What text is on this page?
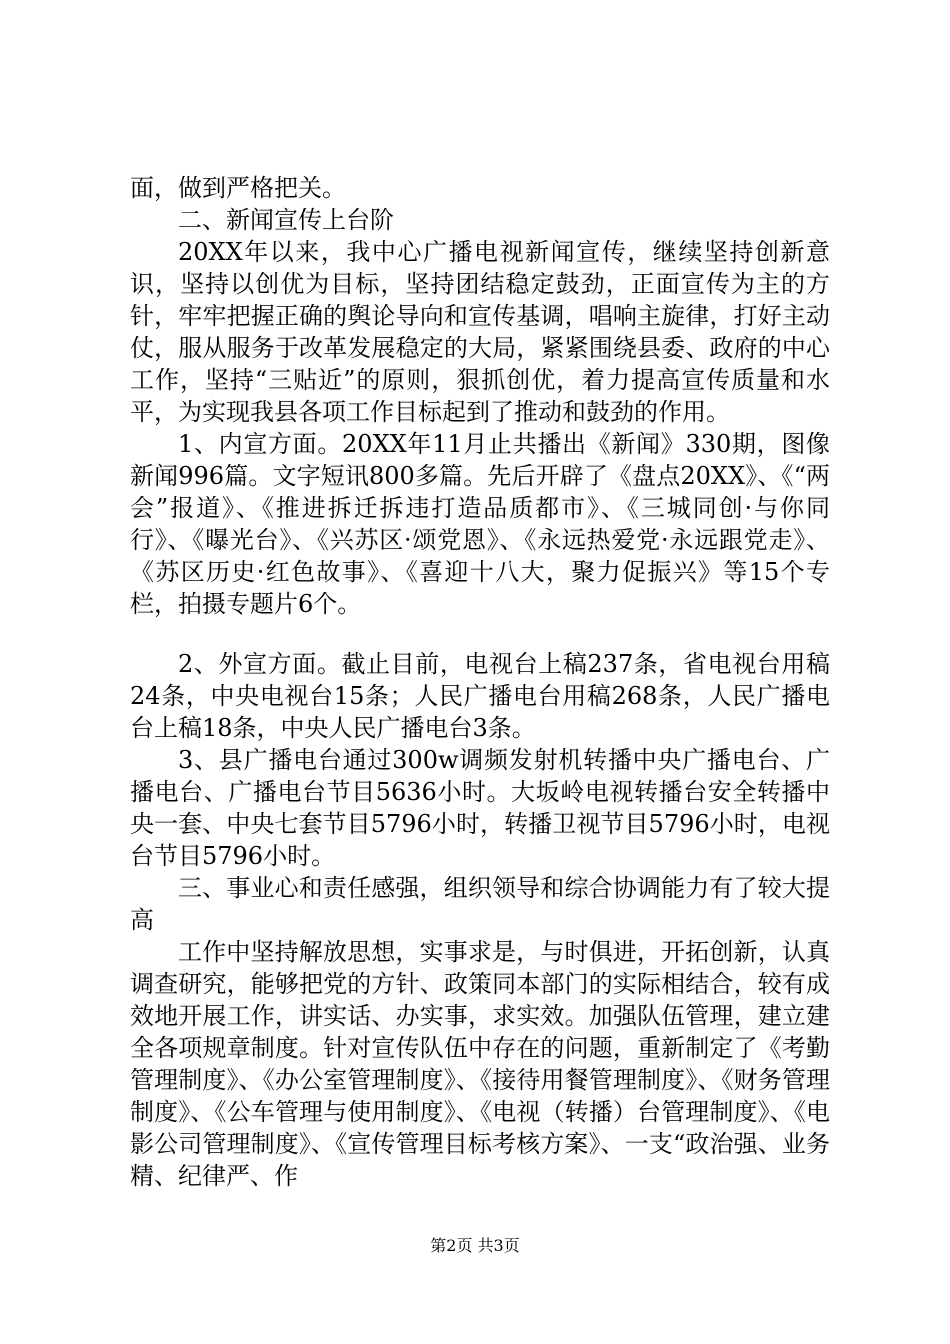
面，做到严格把关。

二、新闻宣传上台阶

20XX年以来，我中心广播电视新闻宣传，继续坚持创新意识，坚持以创优为目标，坚持团结稳定鼓劲，正面宣传为主的方针，牢牢把握正确的舆论导向和宣传基调，唱响主旋律，打好主动仗，服从服务于改革发展稳定的大局，紧紧围绕县委、政府的中心工作，坚持“三贴近”的原则，狠抓创优，着力提高宣传质量和水平，为实现我县各项工作目标起到了推动和鼓劲的作用。

1、内宣方面。20XX年11月止共播出《新闻》330期，图像新闻996篇。文字短讯800多篇。先后开辟了《盘点20XX》、《“两会”报道》、《推进拆迁拆违打造品质都市》、《三城同创·与你同行》、《曝光台》、《兴苏区·颂党恩》、《永远热爱党·永远跟党走》、《苏区历史·红色故事》、《喜迎十八大，聚力促振兴》等15个专栏，拍摄专题片6个。

2、外宣方面。截止目前，电视台上稿237条，省电视台用稿24条，中央电视台15条；人民广播电台用稿268条，人民广播电台上稿18条，中央人民广播电台3条。

3、县广播电台通过300w调频发射机转播中央广播电台、广播电台、广播电台节目5636小时。大坂岭电视转播台安全转播中央一套、中央七套节目5796小时，转播卫视节目5796小时，电视台节目5796小时。

三、事业心和责任感强，组织领导和综合协调能力有了较大提高

工作中坚持解放思想，实事求是，与时俱进，开拓创新，认真调查研究，能够把党的方针、政策同本部门的实际相结合，较有成效地开展工作，讲实话、办实事，求实效。加强队伍管理，建立建全各项规章制度。针对宣传队伍中存在的问题，重新制定了《考勤管理制度》、《办公室管理制度》、《接待用餐管理制度》、《财务管理制度》、《公车管理与使用制度》、《电视（转播）台管理制度》、《电影公司管理制度》、《宣传管理目标考核方案》、一支“政治强、业务精、纪律严、作

第2页 共3页
